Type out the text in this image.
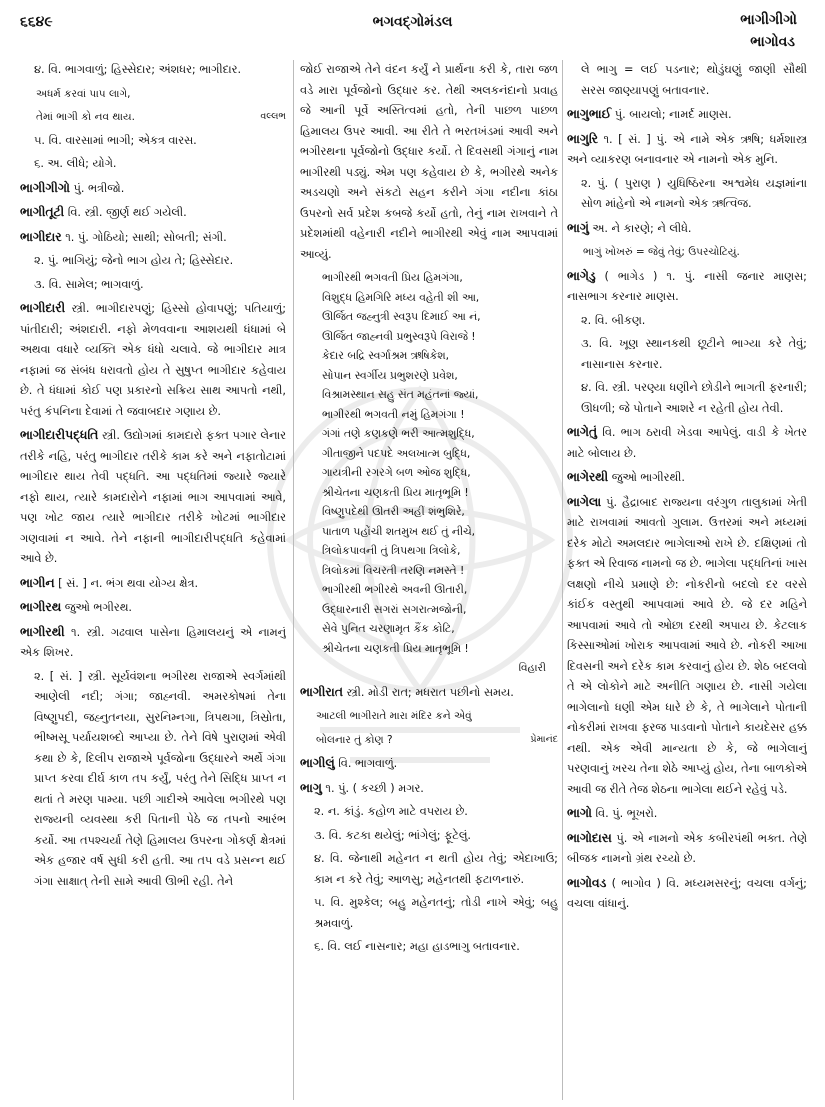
૬૬૪૯	ભગવદ્ગોમંડલ	ભાગીગીગો
ભાગોવડ

૪. વિ. ભાગવાળું; હિસ્સેદાર; અંશધર; ભાગીદાર.

અધર્મ કરવાં પાપ લાગે,

તેમાં ભાગી કો નવ થાય.	વલ્લભ

૫. વિ. વારસામાં ભાગી; એકત્ર વારસ.

૬. અ. લીધે; યોગે.

ભાગીગીગો પું. ભત્રીજો.

ભાગીતૂટી વિ. સ્ત્રી. જીર્ણ થઈ ગયેલી.

ભાગીદાર ૧. પું. ગોઠિયો; સાથી; સોબતી; સંગી.

૨. પું. ભાગિયું; જેનો ભાગ હોય તે; હિસ્સેદાર.

૩. વિ. સામેલ; ભાગવાળું.

ભાગીદારી સ્ત્રી. ભાગીદારપણું; હિસ્સો હોવાપણું; પતિયાળું; પાંતીદારી; અંશદારી. નફો મેળવવાના આશયથી ધંધામાં બે અથવા વધારે વ્યક્તિ એક ધંધો ચલાવે. જે ભાગીદાર માત્ર નફામાં જ સંબંધ ધરાવતો હોય તે સુષુપ્ત ભાગીદાર કહેવાય છે. તે ધંધામાં કોઈ પણ પ્રકારનો સક્રિય સાથ આપતો નથી, પરંતુ કંપનિના દેવામાં તે જવાબદાર ગણાય છે.

ભાગીદારીપદ્ધતિ સ્ત્રી. ઉદ્યોગમાં કામદારો ફક્ત પગાર લેનાર તરીકે નહિ, પરંતુ ભાગીદાર તરીકે કામ કરે અને નફાતોટામાં ભાગીદાર થાય તેવી પદ્ધતિ. આ પદ્ધતિમાં જ્યારે જ્યારે નફો થાય, ત્યારે કામદારોને નફામાં ભાગ આપવામાં આવે, પણ ખોટ જાય ત્યારે ભાગીદાર તરીકે ખોટમાં ભાગીદાર ગણવામાં ન આવે. તેને નફાની ભાગીદારીપદ્ધતિ કહેવામાં આવે છે.

ભાગીન [ સં. ] ન. ભંગ થવા યોગ્ય ક્ષેત્ર.

ભાગીરથ જુઓ ભગીરથ.

ભાગીરથી ૧. સ્ત્રી. ગઢવાલ પાસેના હિમાલયનું એ નામનું એક શિખર.

૨. [ સં. ] સ્ત્રી. સૂર્યવંશના ભગીરથ રાજાએ સ્વર્ગમાંથી આણેલી નદી; ગંગા; જાહ્નવી. અમરકોષમાં તેના વિષ્ણુપદી, જહ્નુતનયા, સુરનિમ્નગા, ત્રિપથગા, ત્રિસ્રોતા, ભીષ્મસૂ પર્યાયશબ્દો આપ્યા છે. તેને વિષે પુરાણમાં એવી કથા છે કે, દિલીપ રાજાએ પૂર્વજોના ઉદ્ધારને અર્થે ગંગા પ્રાપ્ત કરવા દીર્ઘ કાળ તપ કર્યું, પરંતુ તેને સિદ્ધિ પ્રાપ્ત ન થતાં તે મરણ પામ્યા. પછી ગાદીએ આવેલા ભગીરથે પણ રાજ્યની વ્યવસ્થા કરી પિતાની પેઠે જ તપનો આરંભ કર્યો. આ તપશ્ચર્યા તેણે હિમાલય ઉપરના ગોકર્ણ ક્ષેત્રમાં એક હજાર વર્ષ સુધી કરી હતી. આ તપ વડે પ્રસન્ન થઈ ગંગા સાક્ષાત્ તેની સામે આવી ઊભી રહી. તેને

જોઈ રાજાએ તેને વંદન કર્યું ને પ્રાર્થના કરી કે, તારા જળ વડે મારા પૂર્વજોનો ઉદ્ધાર કર. તેથી અલકનંદાનો પ્રવાહ જે આની પૂર્વે અસ્તિત્વમાં હતો, તેની પાછળ પાછળ હિમાલય ઉપર આવી. આ રીતે તે ભરતખંડમાં આવી અને ભગીરથના પૂર્વજોનો ઉદ્ધાર કર્યો. તે દિવસથી ગંગાનું નામ ભાગીરથી પડ્યું. એમ પણ કહેવાય છે કે, ભગીરથે અનેક અડચણો અને સંકટો સહન કરીને ગંગા નદીના કાંઠા ઉપરનો સર્વ પ્રદેશ કબજે કર્યો હતો, તેનું નામ રાખવાને તે પ્રદેશમાંથી વહેનારી નદીને ભાગીરથી એવું નામ આપવામાં આવ્યું.

ભાગીરથી ભગવતી પ્રિય હિમગંગા,

વિશુદ્ધ હિમગિરિ મધ્ય વહેતી શી આ,

ઊર્જિત જહ્નુત્રી સ્વરૂપ દિમાઈ આ નં,

ઊર્જિત જાહ્નવી પ્રભુસ્વરૂપે વિરાજે !

કેદાર બદ્રિ સ્વર્ગાશ્રમ ઋષિકેશ,

સોપાન સ્વર્ગીય પ્રભુશરણે પ્રવેશ,

વિશ્રામસ્થાન સહુ સંત મહંતનાં જ્યાં,

ભાગીરથી ભગવતી નમું હિમગંગા !

ગંગાં તણે કણકણે ભરી આત્મશુદ્ધિ,

ગીતાજીને પદપદે અલખાત્મ બુદ્ધિ,

ગાયત્રીની રગરગે બળ ઓજ શુદ્ધિ,

શ્રીચેતના ચણકતી પ્રિય માતૃભૂમિ !

વિષ્ણુપદેથી ઊતરી અહીં શંભુશિરે,

પાતાળ પહોંચી શતમુખ થઈ તું નીચે,

ત્રિલોકપાવની તું ત્રિપથગા ત્રિલોકે,

ત્રિલોકમાં વિચરતી તરણિ નમસ્તે !

ભાગીરથી ભગીરથે અવની ઊતારી,

ઉદ્ધારનારી સગરાં સગરાત્મજોની,

સેવે પુનિત ચરણામૃત કૈંક કોટિ,

શ્રીચેતના ચણકતી પ્રિય માતૃભૂમિ !

વિહારી

ભાગીરાત સ્ત્રી. મોડી રાત; મધરાત પછીનો સમય.

આટલી ભાગીરાતે મારા મંદિર કને એવું

બોલનાર તું કોણ ?	પ્રેમાનંદ

ભાગીલું વિ. ભાગવાળું.

ભાગુ ૧. પું. ( કચ્છી ) મગર.

૨. ન. કાંડું. કહોળ માટે વપરાય છે.

૩. વિ. કટકા થયેલું; ભાંગેલું; ફૂટેલું.

૪. વિ. જેનાથી મહેનત ન થતી હોય તેવું; એદાખાઉ; કામ ન કરે તેવું; આળસુ; મહેનતથી ફટાળનારું.

૫. વિ. મુશ્કેલ; બહુ મહેનતનું; તોડી નાખે એવું; બહુ શ્રમવાળું.

૬. વિ. લઈ નાસનાર; મહા હાડભાગુ બતાવનાર.

લે ભાગુ = લઈ પડનાર; થોડુંઘણું જાણી સૌથી સરસ જાણ્યાપણું બતાવનાર.

ભાગુભાઈ પું. બાયલો; નામર્દ માણસ.

ભાગુરિ ૧. [ સં. ] પું. એ નામે એક ઋષિ; ધર્મશાસ્ત્ર અને વ્યાકરણ બનાવનાર એ નામનો એક મુનિ.

૨. પું. ( પુરાણ ) યુધિષ્ઠિરના અશ્વમેધ યજ્ઞમાંના સોળ માંહેનો એ નામનો એક ઋત્વિજ.

ભાગું અ. ને કારણે; ને લીધે.

ભાગું ખોખરું = જેવું તેવું; ઉપરચોટિયું.

ભાગેડુ ( ભાગેડ ) ૧. પું. નાસી જનાર માણસ; નાસભાગ કરનાર માણસ.

૨. વિ. બીકણ.

૩. વિ. ખૂણ સ્થાનકથી છૂટીને ભાગ્યા કરે તેવું; નાસાનાસ કરનાર.

૪. વિ. સ્ત્રી. પરણ્યા ધણીને છોડીને ભાગતી ફરનારી; ઊધળી; જે પોતાને આશરે ન રહેતી હોય તેવી.

ભાગેતું વિ. ભાગ ઠરાવી ખેડવા આપેલું. વાડી કે ખેતર માટે બોલાય છે.

ભાગેરથી જુઓ ભાગીરથી.

ભાગેલા પું. હૈદ્રાબાદ રાજ્યના વરંગુળ તાલુકામાં ખેતી માટે રાખવામાં આવતો ગુલામ. ઉત્તરમાં અને મધ્યમાં દરેક મોટો અમલદાર ભાગેલાઓ રાખે છે. દક્ષિણમાં તો ફક્ત એ રિવાજ નામનો જ છે. ભાગેલા પદ્ધતિનાં ખાસ લક્ષણો નીચે પ્રમાણે છે: નોકરીનો બદલો દર વરસે કાંઈક વસ્તુથી આપવામાં આવે છે. જે દર મહિને આપવામાં આવે તો ઓછા દરથી અપાય છે. કેટલાક કિસ્સાઓમાં ખોરાક આપવામાં આવે છે. નોકરી આખા દિવસની અને દરેક કામ કરવાનું હોય છે. શેઠ બદલવો તે એ લોકોને માટે અનીતિ ગણાય છે. નાસી ગયેલા ભાગેલાનો ધણી એમ ધારે છે કે, તે ભાગેલાને પોતાની નોકરીમાં રાખવા ફરજ પાડવાનો પોતાને કાયદેસર હક્ક નથી. એક એવી માન્યતા છે કે, જે ભાગેલાનું પરણવાનું ખરચ તેના શેઠે આપ્યું હોય, તેના બાળકોએ આવી જ રીતે તેજ શેઠના ભાગેલા થઈને રહેવું પડે.

ભાગો વિ. પું. ભૂખરો.

ભાગોદાસ પું. એ નામનો એક કબીરપંથી ભક્ત. તેણે બીજક નામનો ગ્રંથ રચ્યો છે.

ભાગોવડ ( ભાગોવ ) વિ. મધ્યમસરનું; વચલા વર્ગનું; વચલા વાંધાનું.
